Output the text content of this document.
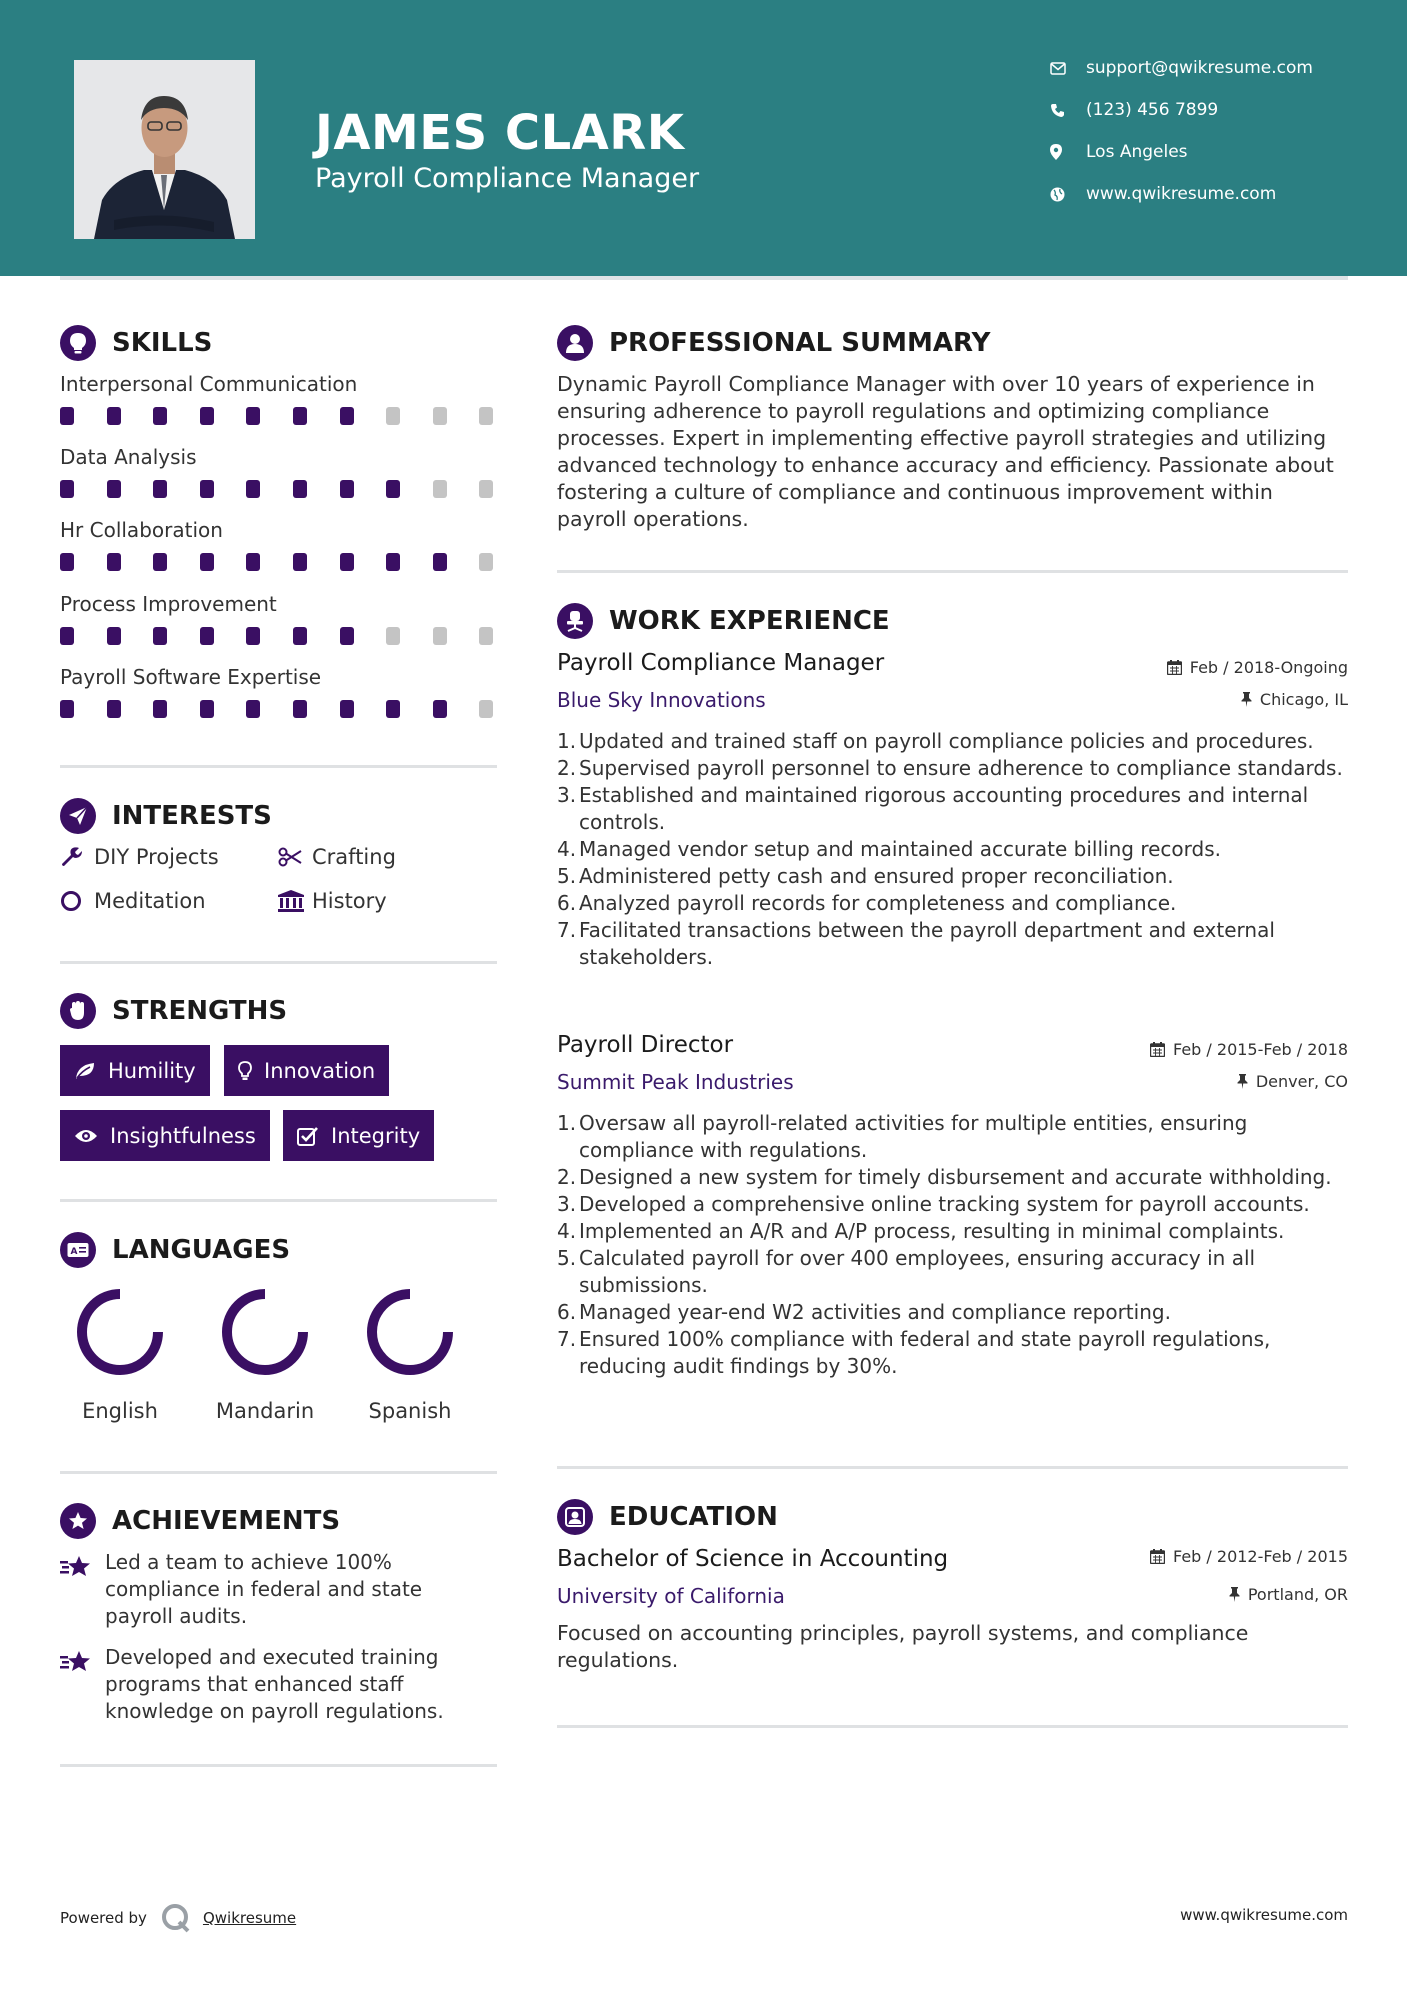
JAMES CLARK
Payroll Compliance Manager
support@qwikresume.com
(123) 456 7899
Los Angeles
www.qwikresume.com
SKILLS
Interpersonal Communication
Data Analysis
Hr Collaboration
Process Improvement
Payroll Software Expertise
INTERESTS
DIY Projects	Crafting
Meditation	History
STRENGTHS
Humility	Innovation
Insightfulness	Integrity
A LANGUAGES
English	Mandarin	Spanish
ACHIEVEMENTS
Led a team to achieve 100% compliance in federal and state payroll audits.
Developed and executed training programs that enhanced staff knowledge on payroll regulations.
PROFESSIONAL SUMMARY
Dynamic Payroll Compliance Manager with over 10 years of experience in ensuring adherence to payroll regulations and optimizing compliance processes. Expert in implementing effective payroll strategies and utilizing advanced technology to enhance accuracy and efficiency. Passionate about fostering a culture of compliance and continuous improvement within payroll operations.
WORK EXPERIENCE
Payroll Compliance Manager
Blue Sky Innovations
Feb / 2018-Ongoing
Chicago, IL
1. Updated and trained staff on payroll compliance policies and procedures.
2. Supervised payroll personnel to ensure adherence to compliance standards.
3. Established and maintained rigorous accounting procedures and internal controls.
4. Managed vendor setup and maintained accurate billing records.
5. Administered petty cash and ensured proper reconciliation.
6. Analyzed payroll records for completeness and compliance.
7. Facilitated transactions between the payroll department and external stakeholders.
Payroll Director
Summit Peak Industries
Feb / 2015-Feb / 2018
Denver, CO
1. Oversaw all payroll-related activities for multiple entities, ensuring compliance with regulations.
2. Designed a new system for timely disbursement and accurate withholding.
3. Developed a comprehensive online tracking system for payroll accounts.
4. Implemented an A/R and A/P process, resulting in minimal complaints.
5. Calculated payroll for over 400 employees, ensuring accuracy in all submissions.
6. Managed year-end W2 activities and compliance reporting.
7. Ensured 100% compliance with federal and state payroll regulations, reducing audit findings by 30%.
EDUCATION
Bachelor of Science in Accounting
University of California
Feb / 2012-Feb / 2015
Portland, OR
Focused on accounting principles, payroll systems, and compliance regulations.
Powered by	Qwikresume	www.qwikresume.com
